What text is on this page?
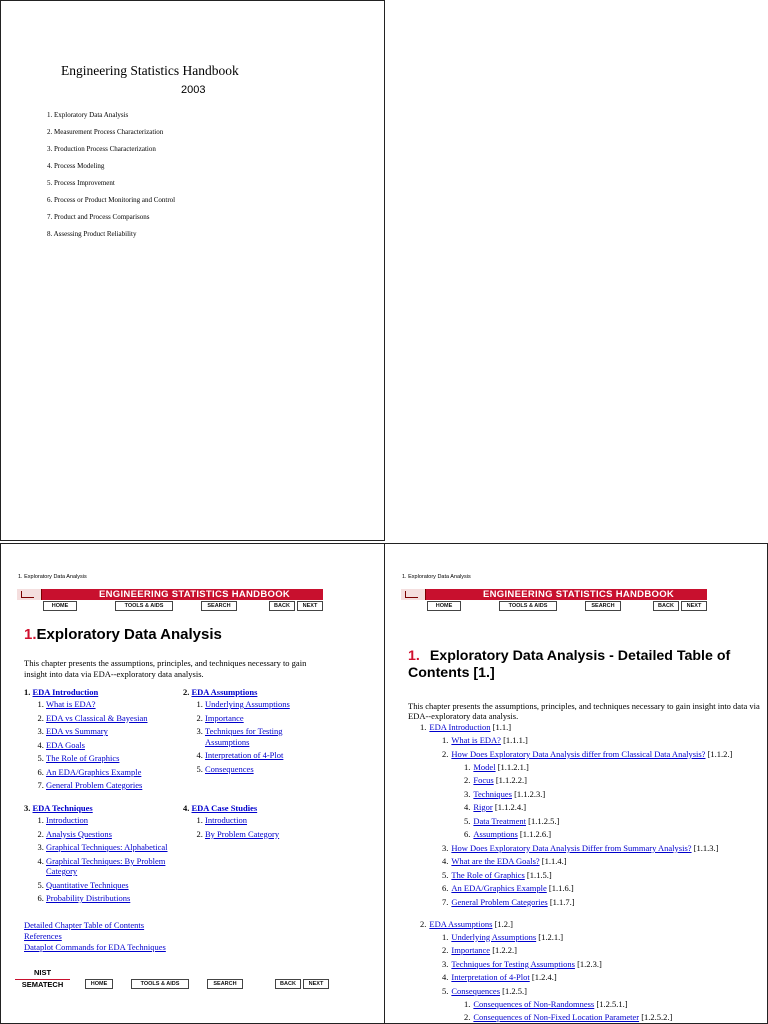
Engineering Statistics Handbook
2003
1. Exploratory Data Analysis
2. Measurement Process Characterization
3. Production Process Characterization
4. Process Modeling
5. Process Improvement
6. Process or Product Monitoring and Control
7. Product and Process Comparisons
8. Assessing Product Reliability
1. Exploratory Data Analysis
ENGINEERING STATISTICS HANDBOOK
HOME	TOOLS & AIDS	SEARCH	BACK	NEXT
1.Exploratory Data Analysis
This chapter presents the assumptions, principles, and techniques necessary to gain insight into data via EDA--exploratory data analysis.
1. EDA Introduction
1. What is EDA?
2. EDA vs Classical & Bayesian
3. EDA vs Summary
4. EDA Goals
5. The Role of Graphics
6. An EDA/Graphics Example
7. General Problem Categories
2. EDA Assumptions
1. Underlying Assumptions
2. Importance
3. Techniques for Testing Assumptions
4. Interpretation of 4-Plot
5. Consequences
3. EDA Techniques
1. Introduction
2. Analysis Questions
3. Graphical Techniques: Alphabetical
4. Graphical Techniques: By Problem Category
5. Quantitative Techniques
6. Probability Distributions
4. EDA Case Studies
1. Introduction
2. By Problem Category
Detailed Chapter Table of Contents
References
Dataplot Commands for EDA Techniques
NIST
SEMATECH	HOME	TOOLS & AIDS	SEARCH	BACK	NEXT
1. Exploratory Data Analysis
ENGINEERING STATISTICS HANDBOOK
HOME	TOOLS & AIDS	SEARCH	BACK	NEXT
1. Exploratory Data Analysis - Detailed Table of Contents [1.]
This chapter presents the assumptions, principles, and techniques necessary to gain insight into data via EDA--exploratory data analysis.
1. EDA Introduction [1.1.]
1. What is EDA? [1.1.1.]
2. How Does Exploratory Data Analysis differ from Classical Data Analysis? [1.1.2.]
1. Model [1.1.2.1.]
2. Focus [1.1.2.2.]
3. Techniques [1.1.2.3.]
4. Rigor [1.1.2.4.]
5. Data Treatment [1.1.2.5.]
6. Assumptions [1.1.2.6.]
3. How Does Exploratory Data Analysis Differ from Summary Analysis? [1.1.3.]
4. What are the EDA Goals? [1.1.4.]
5. The Role of Graphics [1.1.5.]
6. An EDA/Graphics Example [1.1.6.]
7. General Problem Categories [1.1.7.]
2. EDA Assumptions [1.2.]
1. Underlying Assumptions [1.2.1.]
2. Importance [1.2.2.]
3. Techniques for Testing Assumptions [1.2.3.]
4. Interpretation of 4-Plot [1.2.4.]
5. Consequences [1.2.5.]
1. Consequences of Non-Randomness [1.2.5.1.]
2. Consequences of Non-Fixed Location Parameter [1.2.5.2.]
